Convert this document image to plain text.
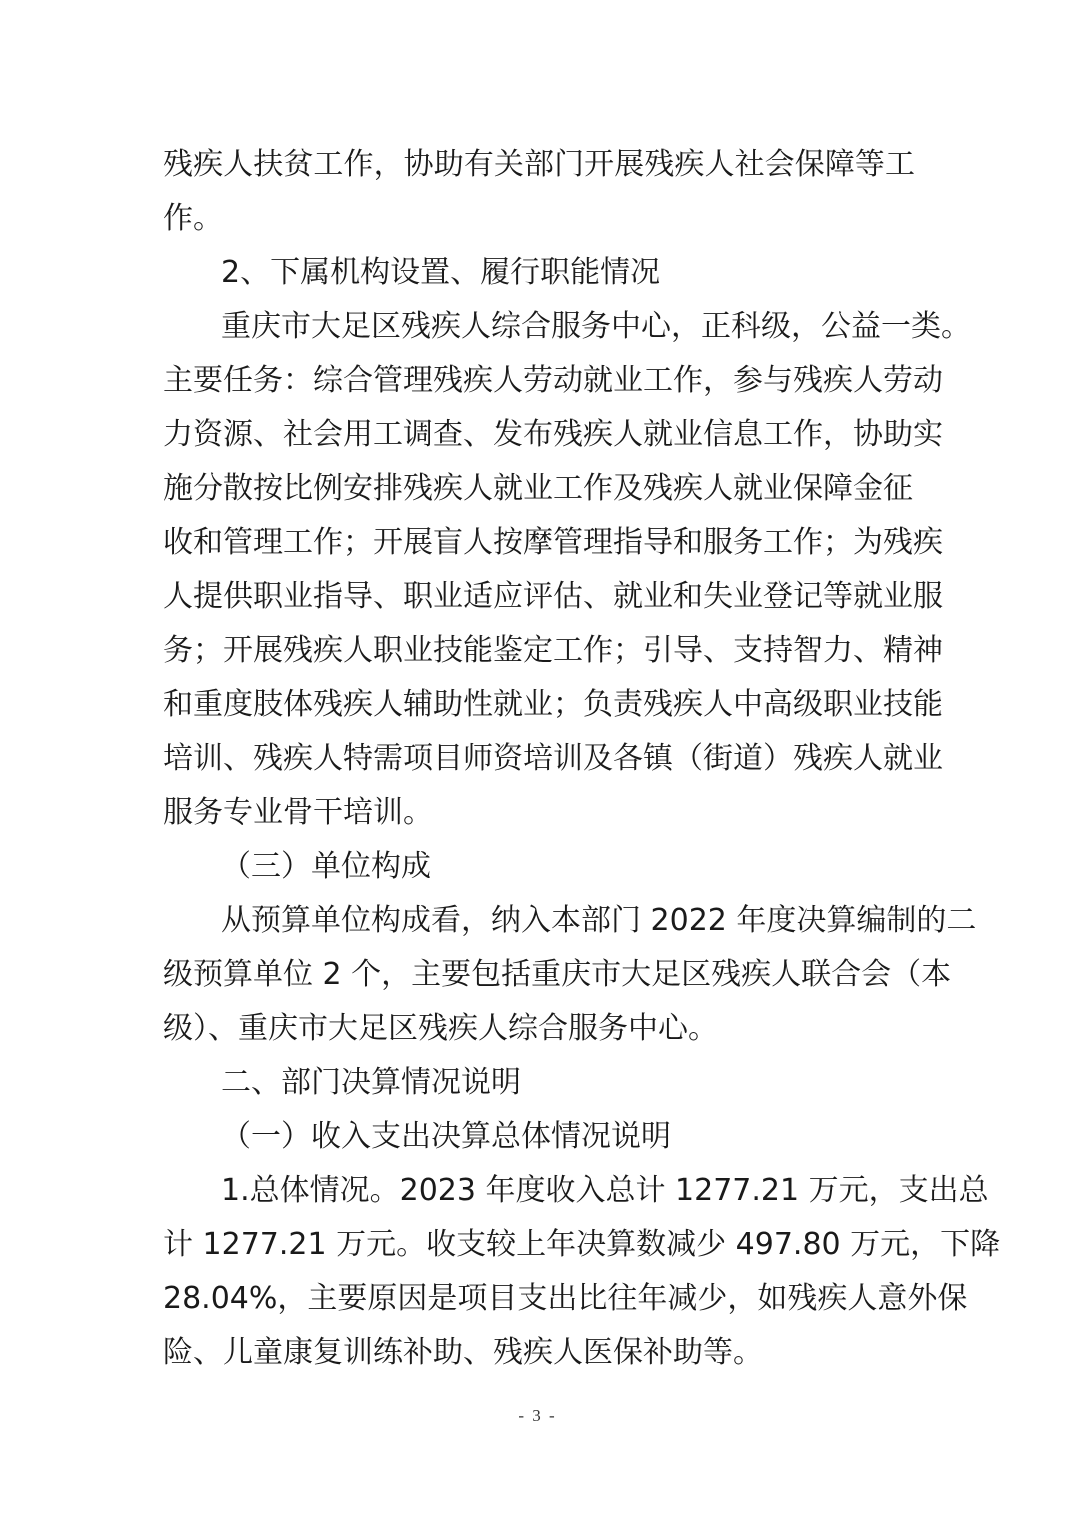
残疾人扶贫工作，协助有关部门开展残疾人社会保障等工
作。
2、下属机构设置、履行职能情况
重庆市大足区残疾人综合服务中心，正科级，公益一类。
主要任务：综合管理残疾人劳动就业工作，参与残疾人劳动
力资源、社会用工调查、发布残疾人就业信息工作，协助实
施分散按比例安排残疾人就业工作及残疾人就业保障金征
收和管理工作；开展盲人按摩管理指导和服务工作；为残疾
人提供职业指导、职业适应评估、就业和失业登记等就业服
务；开展残疾人职业技能鉴定工作；引导、支持智力、精神
和重度肢体残疾人辅助性就业；负责残疾人中高级职业技能
培训、残疾人特需项目师资培训及各镇（街道）残疾人就业
服务专业骨干培训。
（三）单位构成
从预算单位构成看，纳入本部门 2022 年度决算编制的二
级预算单位 2 个，主要包括重庆市大足区残疾人联合会（本
级）、重庆市大足区残疾人综合服务中心。
二、部门决算情况说明
（一）收入支出决算总体情况说明
1.总体情况。2023 年度收入总计 1277.21 万元，支出总
计 1277.21 万元。收支较上年决算数减少 497.80 万元，下降
28.04%，主要原因是项目支出比往年减少，如残疾人意外保
险、儿童康复训练补助、残疾人医保补助等。
- 3 -
